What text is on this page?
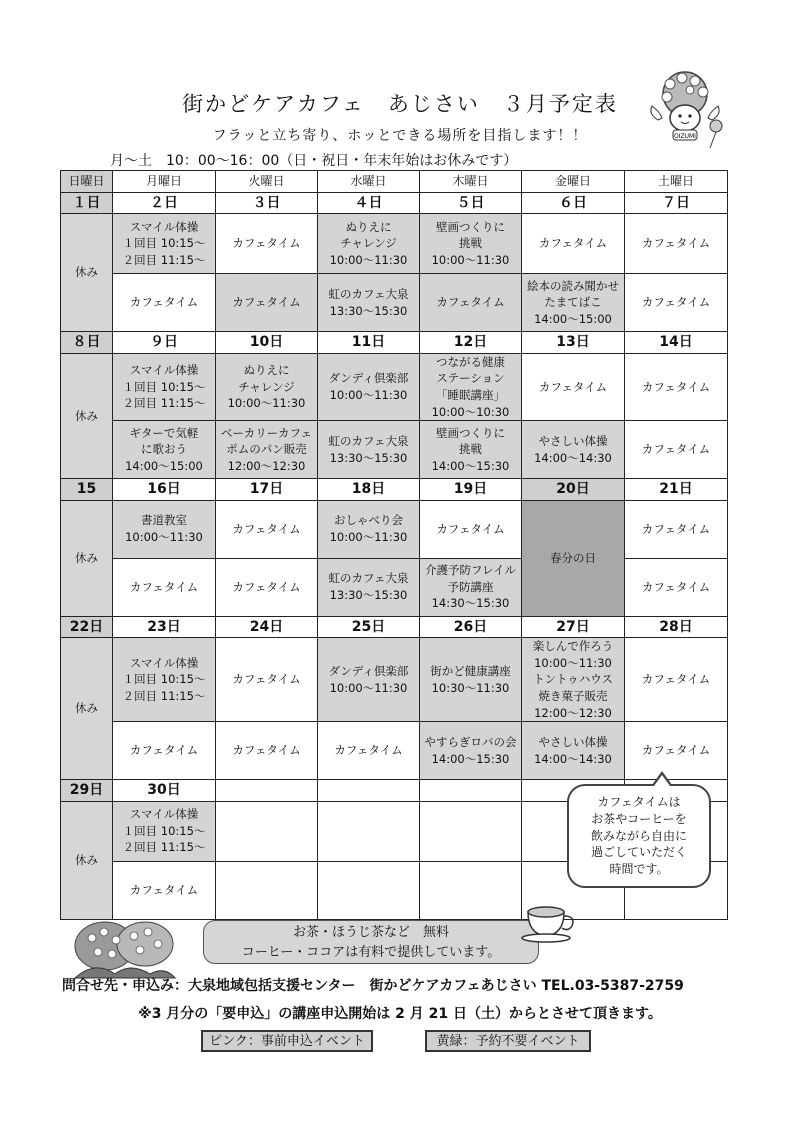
街かどケアカフェ　あじさい　３月予定表
フラッと立ち寄り、ホッとできる場所を目指します！！
月～土　10：00～16：00（日・祝日・年末年始はお休みです）
OIZUMI
日曜日	月曜日	火曜日	水曜日	木曜日	金曜日	土曜日
１日	２日	３日	４日	５日	６日	７日

休み	スマイル体操
１回目 10:15～
２回目 11:15～	カフェタイム	ぬりえに
チャレンジ
10:00～11:30	壁画つくりに
挑戦
10:00～11:30	カフェタイム	カフェタイム

	カフェタイム	カフェタイム	虹のカフェ大泉
13:30～15:30	カフェタイム	絵本の読み聞かせ
たまてばこ
14:00～15:00	カフェタイム

８日	９日	10日	11日	12日	13日	14日

休み	スマイル体操
１回目 10:15～
２回目 11:15～	ぬりえに
チャレンジ
10:00～11:30	ダンディ倶楽部
10:00～11:30	つながる健康
ステーション
「睡眠講座」
10:00～10:30	カフェタイム	カフェタイム

	ギターで気軽
に歌おう
14:00～15:00	ベーカリーカフェ
ポムのパン販売
12:00～12:30	虹のカフェ大泉
13:30～15:30	壁画つくりに
挑戦
14:00～15:30	やさしい体操
14:00～14:30	カフェタイム

15	16日	17日	18日	19日	20日	21日

休み	書道教室
10:00～11:30	カフェタイム	おしゃべり会
10:00～11:30	カフェタイム	春分の日	カフェタイム

	カフェタイム	カフェタイム	虹のカフェ大泉
13:30～15:30	介護予防フレイル
予防講座
14:30～15:30		カフェタイム

22日	23日	24日	25日	26日	27日	28日

休み	スマイル体操
１回目 10:15～
２回目 11:15～	カフェタイム	ダンディ倶楽部
10:00～11:30	街かど健康講座
10:30～11:30	楽しんで作ろう
10:00～11:30
トントゥハウス
焼き菓子販売
12:00～12:30	カフェタイム

	カフェタイム	カフェタイム	カフェタイム	やすらぎロバの会
14:00～15:30	やさしい体操
14:00～14:30	カフェタイム

29日	30日					

休み	スマイル体操
１回目 10:15～
２回目 11:15～					

	カフェタイム					

カフェタイムは
お茶やコーヒーを
飲みながら自由に
過ごしていただく
時間です。
お茶・ほうじ茶など　無料
コーヒー・ココアは有料で提供しています。
問合せ先・申込み：大泉地域包括支援センター　街かどケアカフェあじさい TEL.03-5387-2759
※3 月分の「要申込」の講座申込開始は 2 月 21 日（土）からとさせて頂きます。
ピンク：事前申込イベント	黄緑：予約不要イベント
